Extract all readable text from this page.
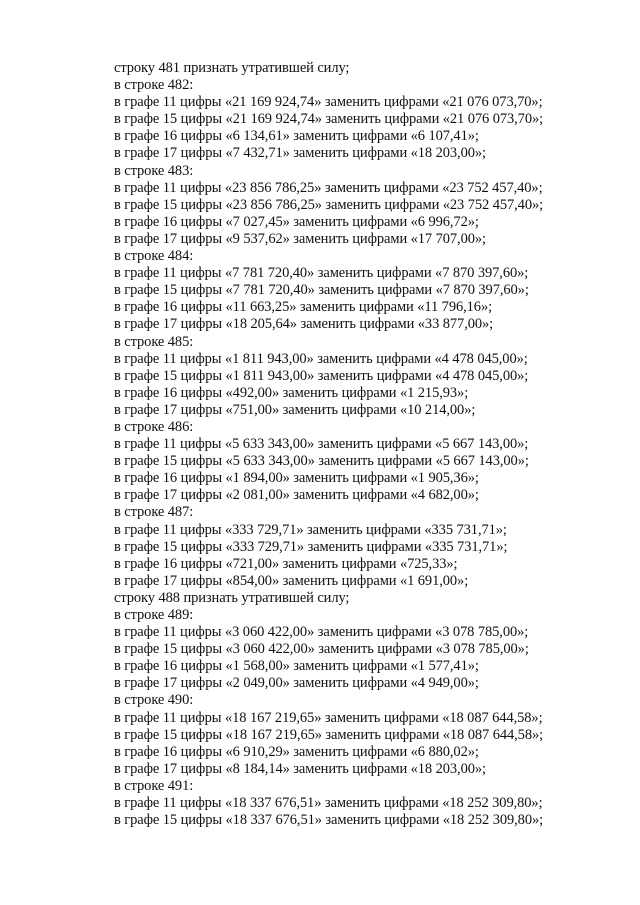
строку 481 признать утратившей силу;
в строке 482:
в графе 11 цифры «21 169 924,74» заменить цифрами «21 076 073,70»;
в графе 15 цифры «21 169 924,74» заменить цифрами «21 076 073,70»;
в графе 16 цифры «6 134,61» заменить цифрами «6 107,41»;
в графе 17 цифры «7 432,71» заменить цифрами «18 203,00»;
в строке 483:
в графе 11 цифры «23 856 786,25» заменить цифрами «23 752 457,40»;
в графе 15 цифры «23 856 786,25» заменить цифрами «23 752 457,40»;
в графе 16 цифры «7 027,45» заменить цифрами «6 996,72»;
в графе 17 цифры «9 537,62» заменить цифрами «17 707,00»;
в строке 484:
в графе 11 цифры «7 781 720,40» заменить цифрами «7 870 397,60»;
в графе 15 цифры «7 781 720,40» заменить цифрами «7 870 397,60»;
в графе 16 цифры «11 663,25» заменить цифрами «11 796,16»;
в графе 17 цифры «18 205,64» заменить цифрами «33 877,00»;
в строке 485:
в графе 11 цифры «1 811 943,00» заменить цифрами «4 478 045,00»;
в графе 15 цифры «1 811 943,00» заменить цифрами «4 478 045,00»;
в графе 16 цифры «492,00» заменить цифрами «1 215,93»;
в графе 17 цифры «751,00» заменить цифрами «10 214,00»;
в строке 486:
в графе 11 цифры «5 633 343,00» заменить цифрами «5 667 143,00»;
в графе 15 цифры «5 633 343,00» заменить цифрами «5 667 143,00»;
в графе 16 цифры «1 894,00» заменить цифрами «1 905,36»;
в графе 17 цифры «2 081,00» заменить цифрами «4 682,00»;
в строке 487:
в графе 11 цифры «333 729,71» заменить цифрами «335 731,71»;
в графе 15 цифры «333 729,71» заменить цифрами «335 731,71»;
в графе 16 цифры «721,00» заменить цифрами «725,33»;
в графе 17 цифры «854,00» заменить цифрами «1 691,00»;
строку 488 признать утратившей силу;
в строке 489:
в графе 11 цифры «3 060 422,00» заменить цифрами «3 078 785,00»;
в графе 15 цифры «3 060 422,00» заменить цифрами «3 078 785,00»;
в графе 16 цифры «1 568,00» заменить цифрами «1 577,41»;
в графе 17 цифры «2 049,00» заменить цифрами «4 949,00»;
в строке 490:
в графе 11 цифры «18 167 219,65» заменить цифрами «18 087 644,58»;
в графе 15 цифры «18 167 219,65» заменить цифрами «18 087 644,58»;
в графе 16 цифры «6 910,29» заменить цифрами «6 880,02»;
в графе 17 цифры «8 184,14» заменить цифрами «18 203,00»;
в строке 491:
в графе 11 цифры «18 337 676,51» заменить цифрами «18 252 309,80»;
в графе 15 цифры «18 337 676,51» заменить цифрами «18 252 309,80»;
